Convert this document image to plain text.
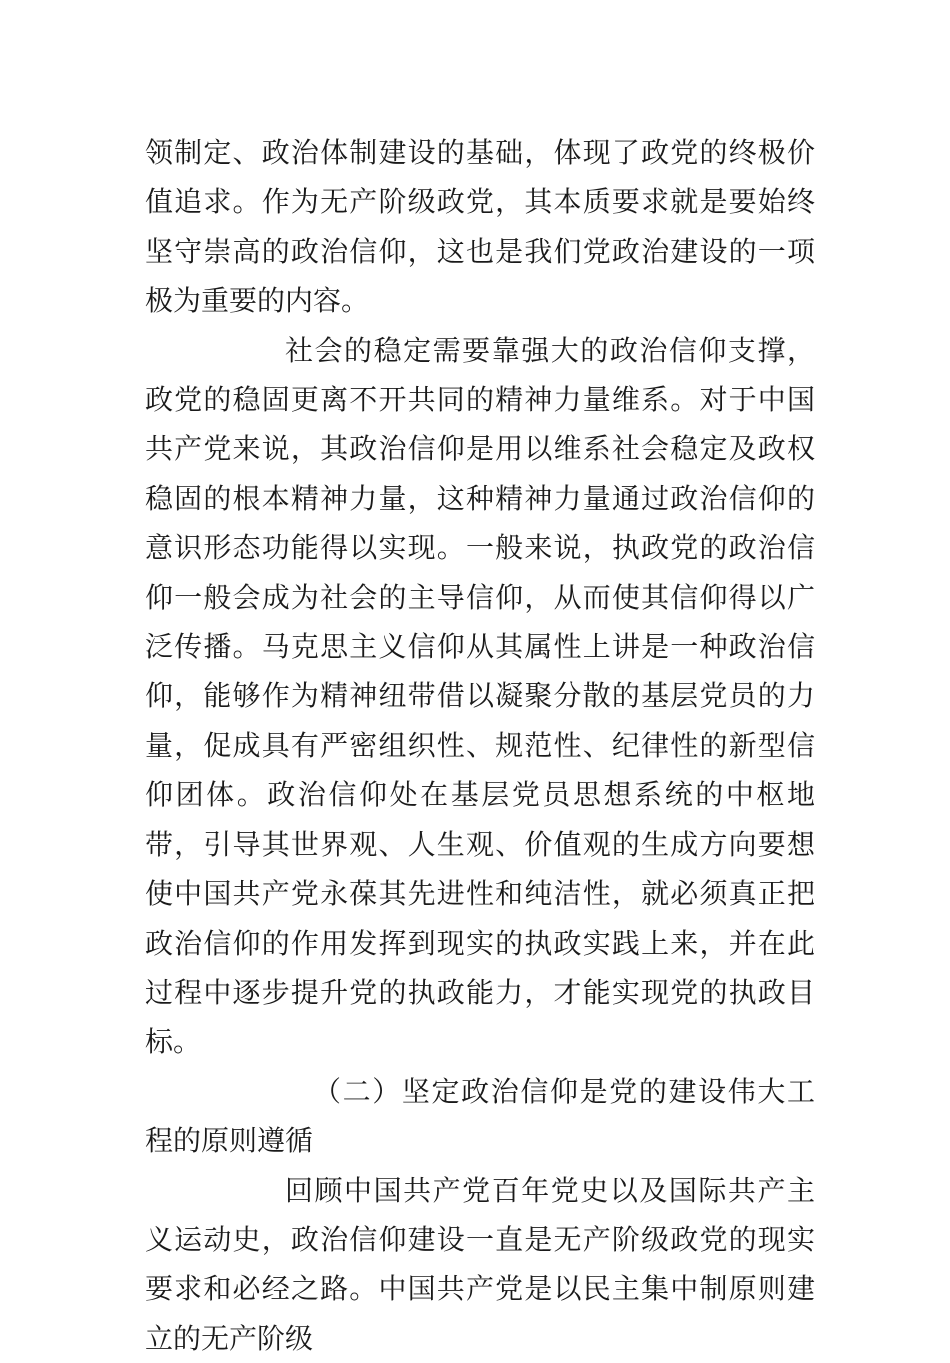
领制定、政治体制建设的基础，体现了政党的终极价值追求。作为无产阶级政党，其本质要求就是要始终坚守崇高的政治信仰，这也是我们党政治建设的一项极为重要的内容。

社会的稳定需要靠强大的政治信仰支撑，政党的稳固更离不开共同的精神力量维系。对于中国共产党来说，其政治信仰是用以维系社会稳定及政权稳固的根本精神力量，这种精神力量通过政治信仰的意识形态功能得以实现。一般来说，执政党的政治信仰一般会成为社会的主导信仰，从而使其信仰得以广泛传播。马克思主义信仰从其属性上讲是一种政治信仰，能够作为精神纽带借以凝聚分散的基层党员的力量，促成具有严密组织性、规范性、纪律性的新型信仰团体。政治信仰处在基层党员思想系统的中枢地带，引导其世界观、人生观、价值观的生成方向要想使中国共产党永葆其先进性和纯洁性，就必须真正把政治信仰的作用发挥到现实的执政实践上来，并在此过程中逐步提升党的执政能力，才能实现党的执政目标。

（二）坚定政治信仰是党的建设伟大工程的原则遵循

回顾中国共产党百年党史以及国际共产主义运动史，政治信仰建设一直是无产阶级政党的现实要求和必经之路。中国共产党是以民主集中制原则建立的无产阶级
